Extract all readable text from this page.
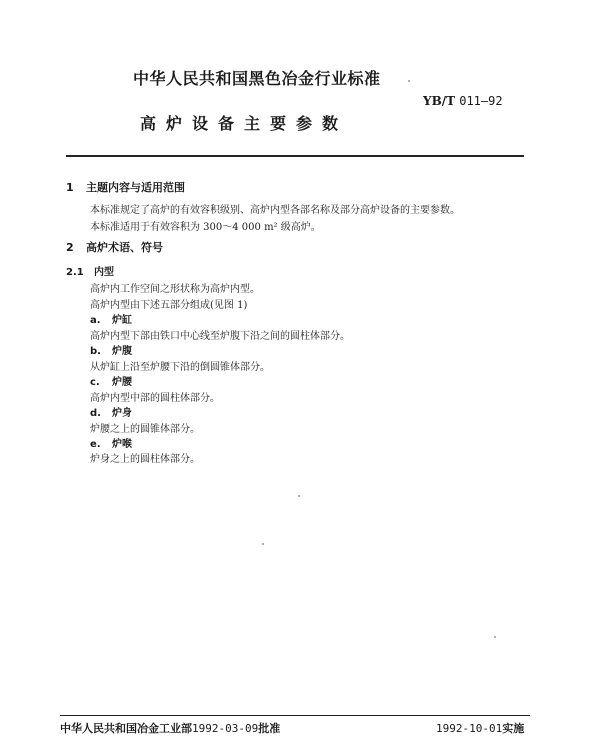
中华人民共和国黑色冶金行业标准
YB/T 011—92
高炉设备主要参数
1 主题内容与适用范围
本标准规定了高炉的有效容积级别、高炉内型各部名称及部分高炉设备的主要参数。
本标准适用于有效容积为 300～4 000 m² 级高炉。
2 高炉术语、符号
2.1 内型
高炉内工作空间之形状称为高炉内型。
高炉内型由下述五部分组成(见图 1)
a. 炉缸
高炉内型下部由铁口中心线至炉腹下沿之间的圆柱体部分。
b. 炉腹
从炉缸上沿至炉腰下沿的倒圆锥体部分。
c. 炉腰
高炉内型中部的圆柱体部分。
d. 炉身
炉腰之上的圆锥体部分。
e. 炉喉
炉身之上的圆柱体部分。
中华人民共和国冶金工业部1992-03-09批准	1992-10-01实施
